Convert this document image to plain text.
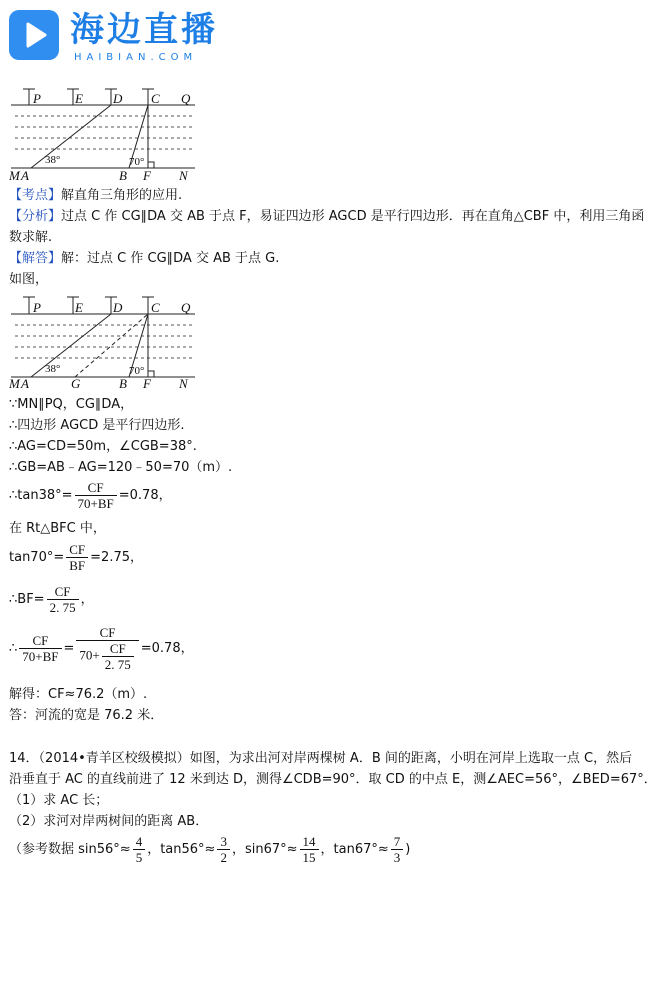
海边直播
HAIBIAN.COM
P	E D C Q
M A	B F N
38°	70°
【考点】解直角三角形的应用.
【分析】过点 C 作 CG∥DA 交 AB 于点 F，易证四边形 AGCD 是平行四边形．再在直角△CBF 中，利用三角函
数求解.
【解答】解：过点 C 作 CG∥DA 交 AB 于点 G.
如图，
P	E D C Q
M A	G	B F N
38°	70°
∵MN∥PQ，CG∥DA，
∴四边形 AGCD 是平行四边形.
∴AG=CD=50m，∠CGB=38°.
∴GB=AB﹣AG=120﹣50=70（m）.
∴tan38°= $\frac{CF}{70+BF} =0.78$，
在 Rt△BFC 中，
$\tan 70^\circ= \frac{CF}{BF} =2.75$，
∴BF= $\frac{CF}{2. 75}$ ，
∴ $\frac{CF}{70+BF} = \frac{CF}{70+ \frac{CF}{2. 75}} =0.78$，
解得：CF≈76.2（m）.
答：河流的宽是 76.2 米．
14．（2014•青羊区校级模拟）如图，为求出河对岸两棵树 A．B 间的距离，小明在河岸上选取一点 C，然后
沿垂直于 AC 的直线前进了 12 米到达 D，测得∠CDB=90°．取 CD 的中点 E，测∠AEC=56°，∠BED=67°．
（1）求 AC 长；
（2）求河对岸两树间的距离 AB．
（参考数据 $\sin 56^\circ\approx \frac{4}{5}$ ，$\tan 56^\circ\approx \frac{3}{2}$ ，$\sin 67^\circ\approx \frac{14}{15}$ ，$\tan 67^\circ\approx \frac{7}{3}$ )
